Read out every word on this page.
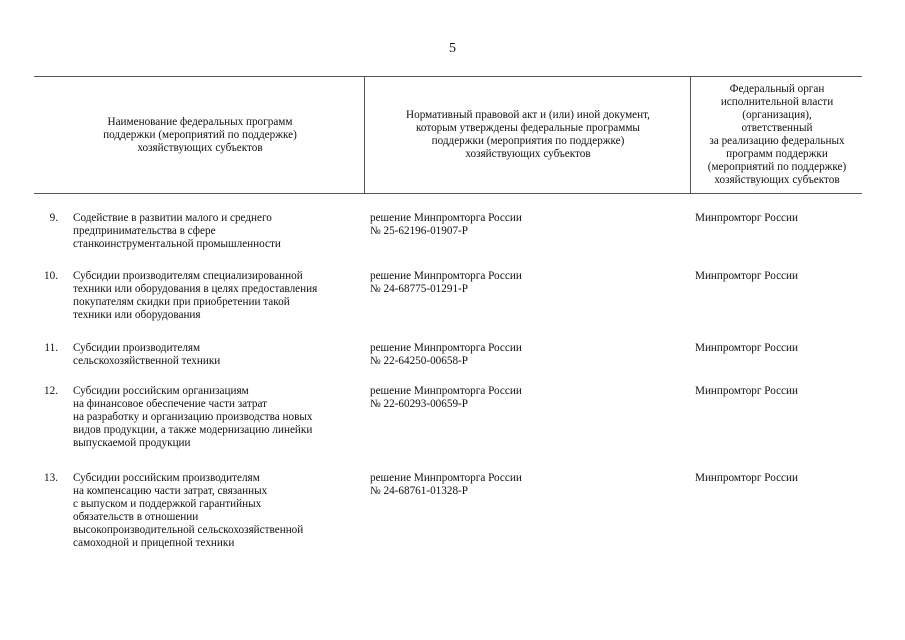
5
Наименование федеральных программ
поддержки (мероприятий по поддержке)
хозяйствующих субъектов
Нормативный правовой акт и (или) иной документ,
которым утверждены федеральные программы
поддержки (мероприятия по поддержке)
хозяйствующих субъектов
Федеральный орган
исполнительной власти
(организация),
ответственный
за реализацию федеральных
программ поддержки
(мероприятий по поддержке)
хозяйствующих субъектов
9. Содействие в развитии малого и среднего
предпринимательства в сфере
станкоинструментальной промышленности
решение Минпромторга России
№ 25-62196-01907-Р
Минпромторг России
10. Субсидии производителям специализированной
техники или оборудования в целях предоставления
покупателям скидки при приобретении такой
техники или оборудования
решение Минпромторга России
№ 24-68775-01291-Р
Минпромторг России
11. Субсидии производителям
сельскохозяйственной техники
решение Минпромторга России
№ 22-64250-00658-Р
Минпромторг России
12. Субсидии российским организациям
на финансовое обеспечение части затрат
на разработку и организацию производства новых
видов продукции, а также модернизацию линейки
выпускаемой продукции
решение Минпромторга России
№ 22-60293-00659-Р
Минпромторг России
13. Субсидии российским производителям
на компенсацию части затрат, связанных
с выпуском и поддержкой гарантийных
обязательств в отношении
высокопроизводительной сельскохозяйственной
самоходной и прицепной техники
решение Минпромторга России
№ 24-68761-01328-Р
Минпромторг России
